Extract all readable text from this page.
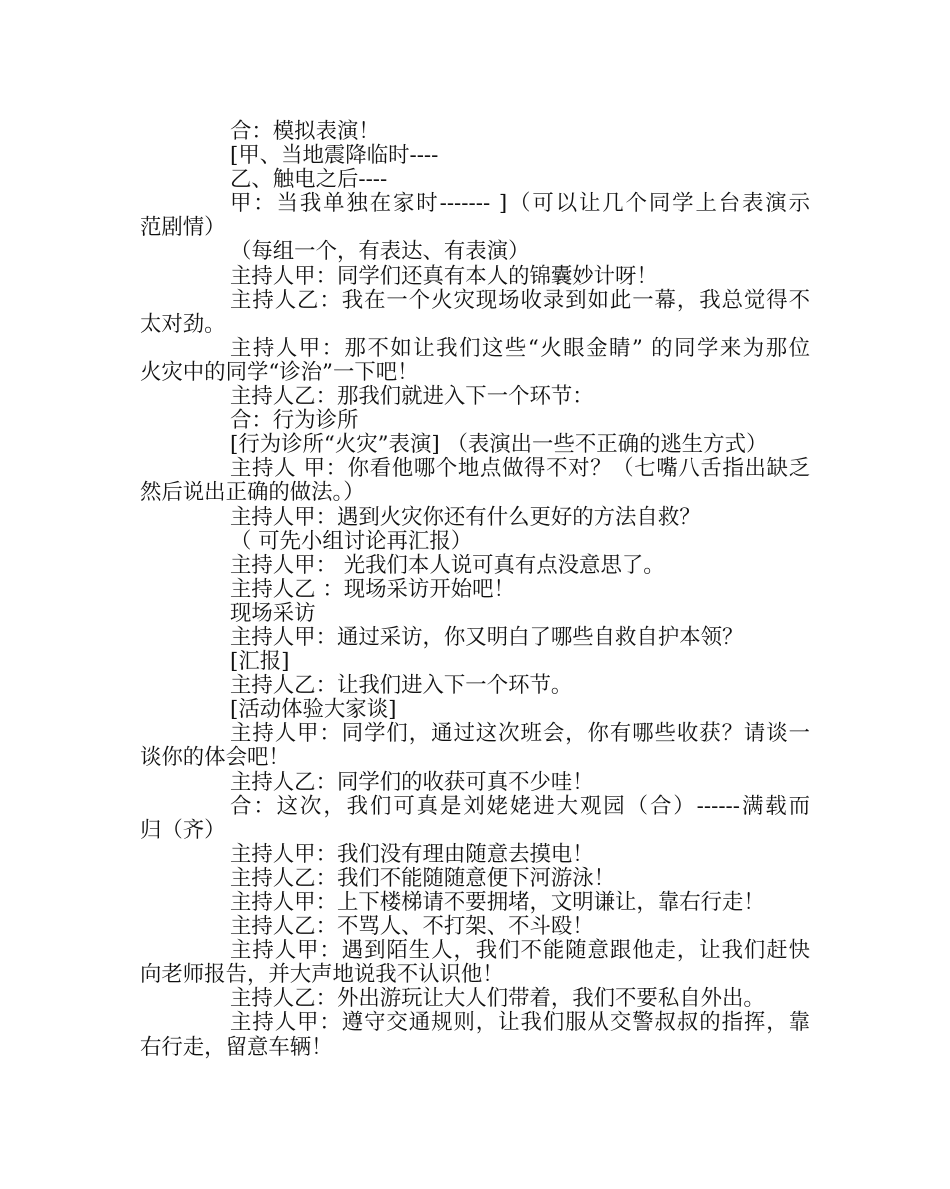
合：模拟表演！
[甲、当地震降临时----
乙、触电之后----
甲：当我单独在家时------- ]（可以让几个同学上台表演示
范剧情）
（每组一个，有表达、有表演）
主持人甲：同学们还真有本人的锦囊妙计呀！
主持人乙：我在一个火灾现场收录到如此一幕，我总觉得不
太对劲。
主持人甲：那不如让我们这些“火眼金睛” 的同学来为那位
火灾中的同学“诊治”一下吧！
主持人乙：那我们就进入下一个环节：
合：行为诊所
[行为诊所“火灾”表演] （表演出一些不正确的逃生方式）
主持人 甲：你看他哪个地点做得不对？（七嘴八舌指出缺乏
然后说出正确的做法。）
主持人甲：遇到火灾你还有什么更好的方法自救？
（ 可先小组讨论再汇报）
主持人甲： 光我们本人说可真有点没意思了。
主持人乙 ：现场采访开始吧！
现场采访
主持人甲：通过采访，你又明白了哪些自救自护本领？
[汇报]
主持人乙：让我们进入下一个环节。
[活动体验大家谈]
主持人甲：同学们，通过这次班会，你有哪些收获？请谈一
谈你的体会吧！
主持人乙：同学们的收获可真不少哇！
合：这次，我们可真是刘姥姥进大观园（合）------满载而
归（齐）
主持人甲：我们没有理由随意去摸电！
主持人乙：我们不能随随意便下河游泳！
主持人甲：上下楼梯请不要拥堵，文明谦让，靠右行走！
主持人乙：不骂人、不打架、不斗殴！
主持人甲：遇到陌生人，我们不能随意跟他走，让我们赶快
向老师报告，并大声地说我不认识他！
主持人乙：外出游玩让大人们带着，我们不要私自外出。
主持人甲：遵守交通规则，让我们服从交警叔叔的指挥，靠
右行走，留意车辆！
